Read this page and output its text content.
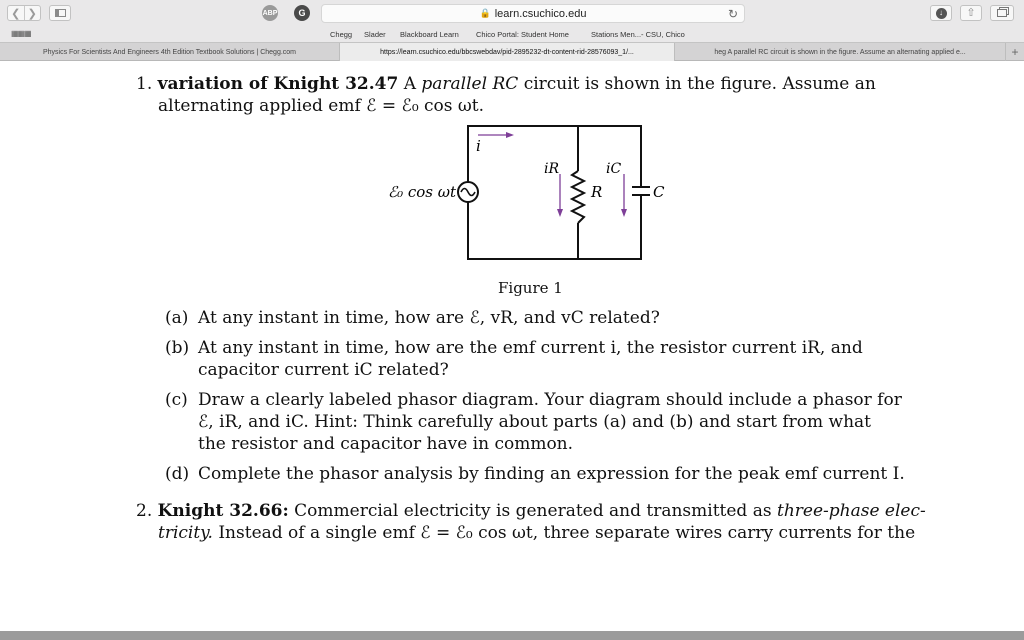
❮ ❯	ABP G	🔒 learn.csuchico.edu	↻	↓	⇧
▦▦▦	Chegg Slader Blackboard Learn Chico Portal: Student Home	Stations Men...- CSU, Chico
Physics For Scientists And Engineers 4th Edition Textbook Solutions | Chegg.com	https://learn.csuchico.edu/bbcswebdav/pid-2895232-dt-content-rid-28576093_1/...	heg A parallel RC circuit is shown in the figure. Assume an alternating applied e...	+
1. variation of Knight 32.47 A parallel RC circuit is shown in the figure. Assume an
alternating applied emf ℰ = ℰ₀ cos ωt.
i
iR	iC
R	C
ℰ₀ cos ωt
Figure 1
(a) At any instant in time, how are ℰ, vR, and vC related?
(b) At any instant in time, how are the emf current i, the resistor current iR, and
capacitor current iC related?
(c) Draw a clearly labeled phasor diagram. Your diagram should include a phasor for
ℰ, iR, and iC. Hint: Think carefully about parts (a) and (b) and start from what
the resistor and capacitor have in common.
(d) Complete the phasor analysis by finding an expression for the peak emf current I.
2. Knight 32.66: Commercial electricity is generated and transmitted as three-phase elec-
tricity. Instead of a single emf ℰ = ℰ₀ cos ωt, three separate wires carry currents for the
